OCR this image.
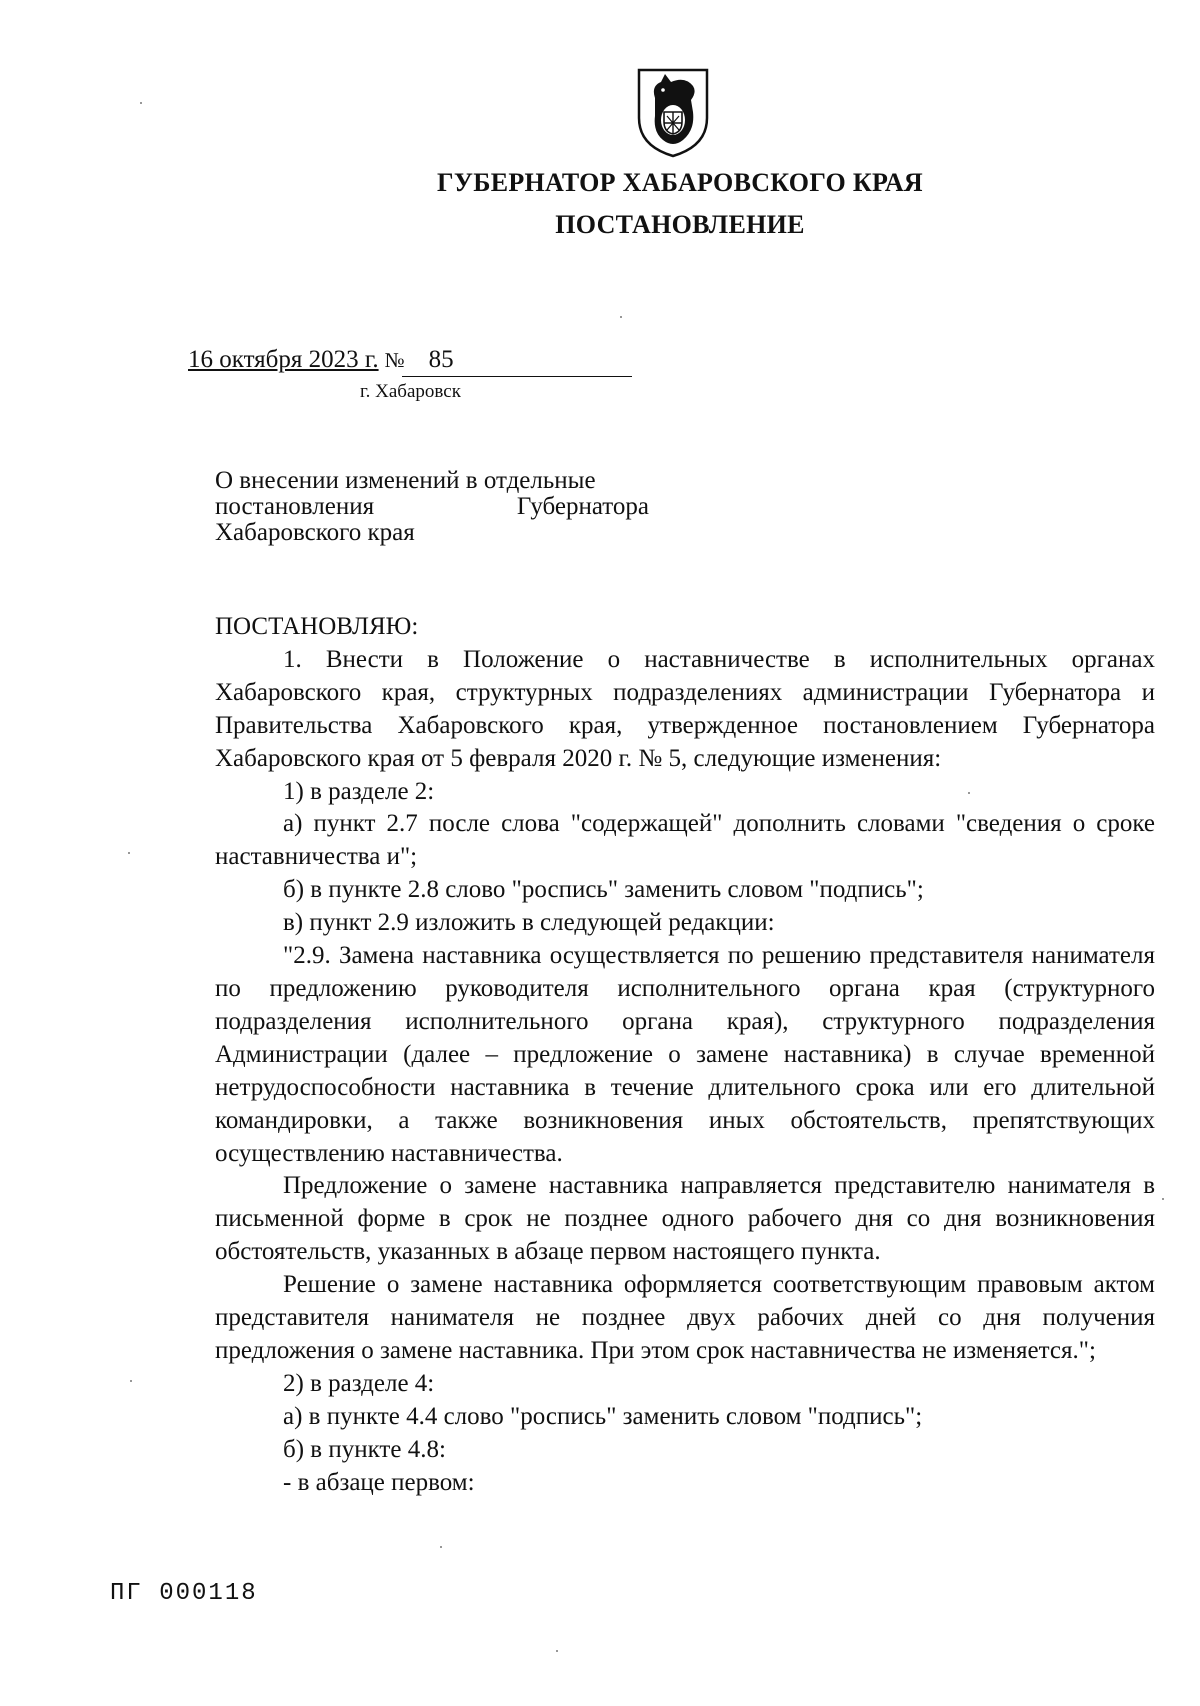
ГУБЕРНАТОР ХАБАРОВСКОГО КРАЯ
ПОСТАНОВЛЕНИЕ
16 октября 2023 г. № 85
г. Хабаровск
О внесении изменений в отдельные
постановления	Губернатора
Хабаровского края

ПОСТАНОВЛЯЮ:

1. Внести в Положение о наставничестве в исполнительных органах Хабаровского края, структурных подразделениях администрации Губернатора и Правительства Хабаровского края, утвержденное постановлением Губернатора Хабаровского края от 5 февраля 2020 г. № 5, следующие изменения:

1) в разделе 2:

а) пункт 2.7 после слова "содержащей" дополнить словами "сведения о сроке наставничества и";

б) в пункте 2.8 слово "роспись" заменить словом "подпись";

в) пункт 2.9 изложить в следующей редакции:

"2.9. Замена наставника осуществляется по решению представителя нанимателя по предложению руководителя исполнительного органа края (структурного подразделения исполнительного органа края), структурного подразделения Администрации (далее – предложение о замене наставника) в случае временной нетрудоспособности наставника в течение длительного срока или его длительной командировки, а также возникновения иных обстоятельств, препятствующих осуществлению наставничества.

Предложение о замене наставника направляется представителю нанимателя в письменной форме в срок не позднее одного рабочего дня со дня возникновения обстоятельств, указанных в абзаце первом настоящего пункта.

Решение о замене наставника оформляется соответствующим правовым актом представителя нанимателя не позднее двух рабочих дней со дня получения предложения о замене наставника. При этом срок наставничества не изменяется.";

2) в разделе 4:

а) в пункте 4.4 слово "роспись" заменить словом "подпись";

б) в пункте 4.8:

- в абзаце первом:

ПГ 000118
